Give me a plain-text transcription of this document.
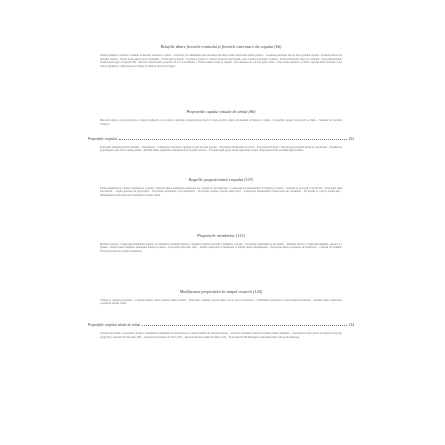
Relațiile dintre fierurile craniului și fierurile exterioare ale capului (66)
Studiul științific al relațiilor craniului cu fierurile exterioare; cerbele – Leonarrie Lui Ghennadies: Reconstruirea fem după craniu: importanța pentru plastica – Grosimea țesuturilor moi pe fața și gâtului capului – Formele relative ale fierurilor externe – Nasul: forma după oase și cartilagine – Forma gurii și buzele – Urechea și poziția ei – Puncte directoare ale fierului, ceea ce forma principală a capului – Forma structurală a feței și a craniului – Proporțiile fierului: Studiul morfologic al capului (68) – Metoda cranioscopică, proporția de 2:1 cu asemănare – Forma nasului ascuțit al capului – Reconstruirea în cele mai grele cazuri – Fața osului zigomatic și orbita: raportul dintre structuri: la fel cum se sprijină pe ochiul suprem al stânga: profilul de structuri cu figuri.
Proporțiile capului vizuale de artiști (86)
Metodele artistice de proporționare a capului legiferată cu tip caritie si pricinile proporționale și tipuri cu cheie practica, ținuta ale modului de măsura a capului – Proporțiile capului la Leonardo și Dürer – Sistemul lui Gottfried Schadow.
Proporțiile corpului	102
Proporțiile artistului privind anatomia – Osteometria – Compararea canoanelor egiptene cu cele ale artei grecești – Proporțiile arhetipurilor de canon – Proporția lui Policlet – Metoda antropologică bazată pe osteometrie – Sistemul de proporționare prin forma osului pelvian – Relațiile dintre segmentele scheletului și proporțiile acestora – Variațiile după gen și vârstă; importanța acestor relații pentru artist și studiul figurii umane.
Regulile proporționării corpului (107)
Tabele lungimilor și a tuturor segmentelor corpului – Raportul dintre segmentele superioare ale corpului și cele inferioare – Comparații ale dimensiunilor la bărbați și la femei – Sistemul de proporții al lui Fritsch – Proporțiile după Paul Richer – Legile generale ale proporțiilor – Proporțiile trunchiului și ale membrelor – Proporțiile capului, raportul dintre părți – Comparația dimensiunilor transversale ale trunchiului – Proporțiile la copii și adolescenți – Dimensiunile transversale ale trunchiului la diferite vârste.
Proporțiile membrelor (113)
Membrul superior. Comparația membrului superior cu trunchiul și membrul inferior. Lungimea brațului raportată la înălțimea corpului – Proporțiile antebrațului și ale mâinii – Membrul inferior. Comparația lungimii coapsei cu a gambei – Relația dintre lungimea membrului inferior și statura – Proporțiile piciorului, talpa – Tabelul comparativ al membrelor la diferite tipuri constituționale – Proporțiile antice și moderne ale membrelor – Canonul lui Schmidt-Fritsch în studiul proporțiilor membrelor.
Modificarea proporțiilor în timpul creșterii (120)
Vârstele și variația proporțiilor – Creșterea fătului, curba creșterii, ritmul creșterii – Proporțiile copilului, raportul dintre cap și corp la nou-născut – Schimbările proporțiilor la adolescență și maturitate – Relațiile dintre segmentele corpului la diferite vârste.
Proporțiile corpului eliade de artiști	124
Unitatea de măsură a proporțiilor artistice; variabilitatea sistemului de proporționare și relația stabilită de canoanele artelor – Valoarea canoanelor artistice în lumina datelor științifice – Proporțiile la mari pictori și sculptori: Polyclet, Lysip (Nb), Canonul lui Vitruvius (100) – Canonul lui Leonardo da Vinci (107) – Alternativele Proporțiile lui Dürer (110) – Proporțiile lui Michelangelo și ale manieriștilor (Proporționalitatea).
